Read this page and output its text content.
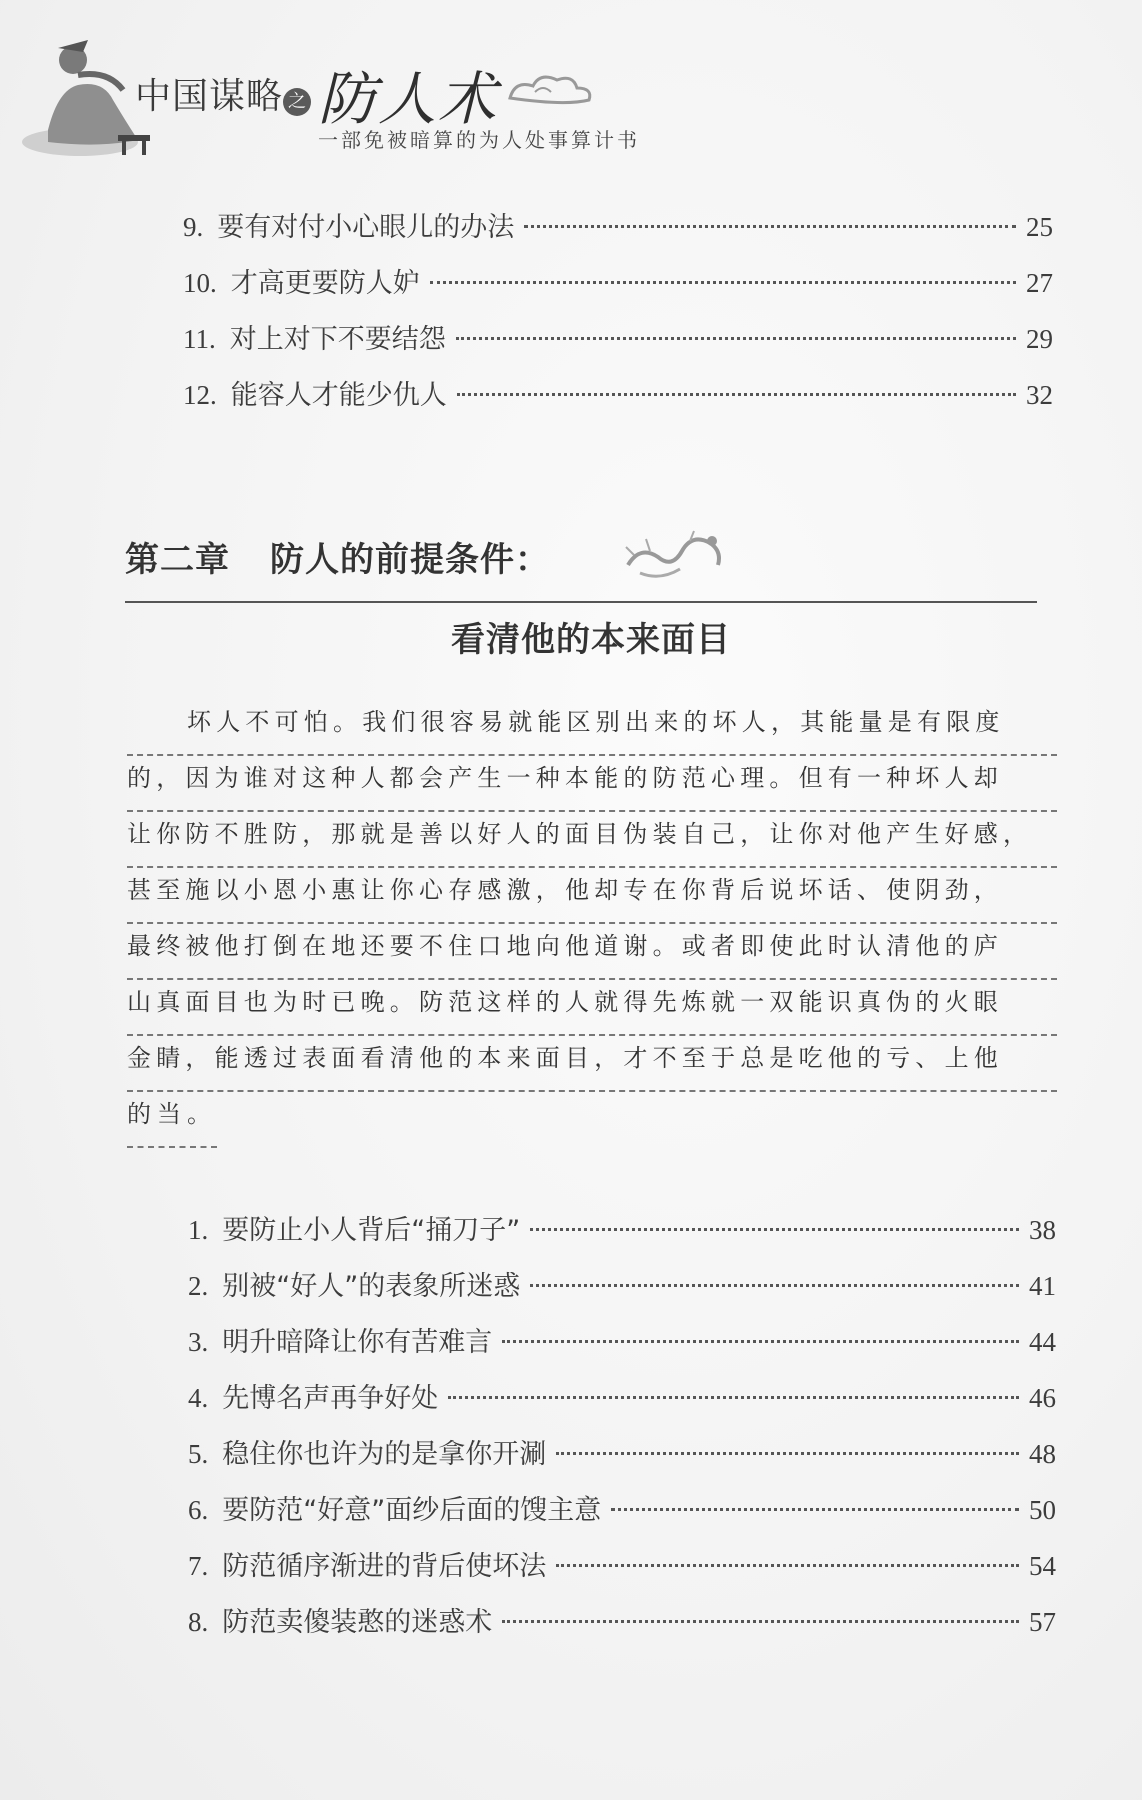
中国谋略 之 防人术
一部免被暗算的为人处事算计书
9. 要有对付小心眼儿的办法	25
10. 才高更要防人妒	27
11. 对上对下不要结怨	29
12. 能容人才能少仇人	32
第二章 防人的前提条件：
看清他的本来面目
坏人不可怕。我们很容易就能区别出来的坏人，其能量是有限度
的，因为谁对这种人都会产生一种本能的防范心理。但有一种坏人却
让你防不胜防，那就是善以好人的面目伪装自己，让你对他产生好感，
甚至施以小恩小惠让你心存感激，他却专在你背后说坏话、使阴劲，
最终被他打倒在地还要不住口地向他道谢。或者即使此时认清他的庐
山真面目也为时已晚。防范这样的人就得先炼就一双能识真伪的火眼
金睛，能透过表面看清他的本来面目，才不至于总是吃他的亏、上他
的当。
1. 要防止小人背后“捅刀子”	38
2. 别被“好人”的表象所迷惑	41
3. 明升暗降让你有苦难言	44
4. 先博名声再争好处	46
5. 稳住你也许为的是拿你开涮	48
6. 要防范“好意”面纱后面的馊主意	50
7. 防范循序渐进的背后使坏法	54
8. 防范卖傻装憨的迷惑术	57
